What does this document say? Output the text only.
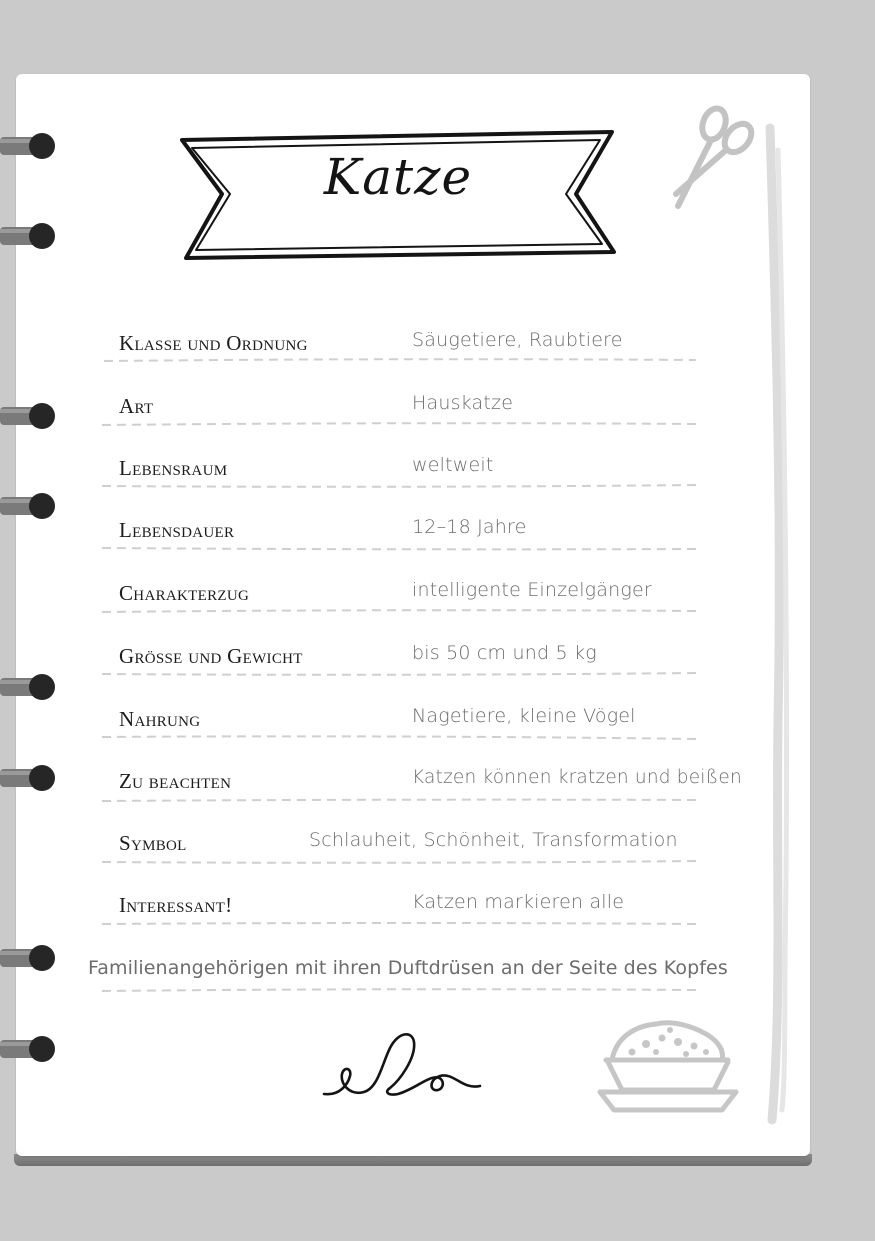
Katze
Klasse und Ordnung	Säugetiere, Raubtiere
Art	Hauskatze
Lebensraum	weltweit
Lebensdauer	12–18 Jahre
Charakterzug	intelligente Einzelgänger
Grösse und Gewicht	bis 50 cm und 5 kg
Nahrung	Nagetiere, kleine Vögel
Zu beachten	Katzen können kratzen und beißen
Symbol	Schlauheit, Schönheit, Transformation
Interessant!	Katzen markieren alle
Familienangehörigen mit ihren Duftdrüsen an der Seite des Kopfes
